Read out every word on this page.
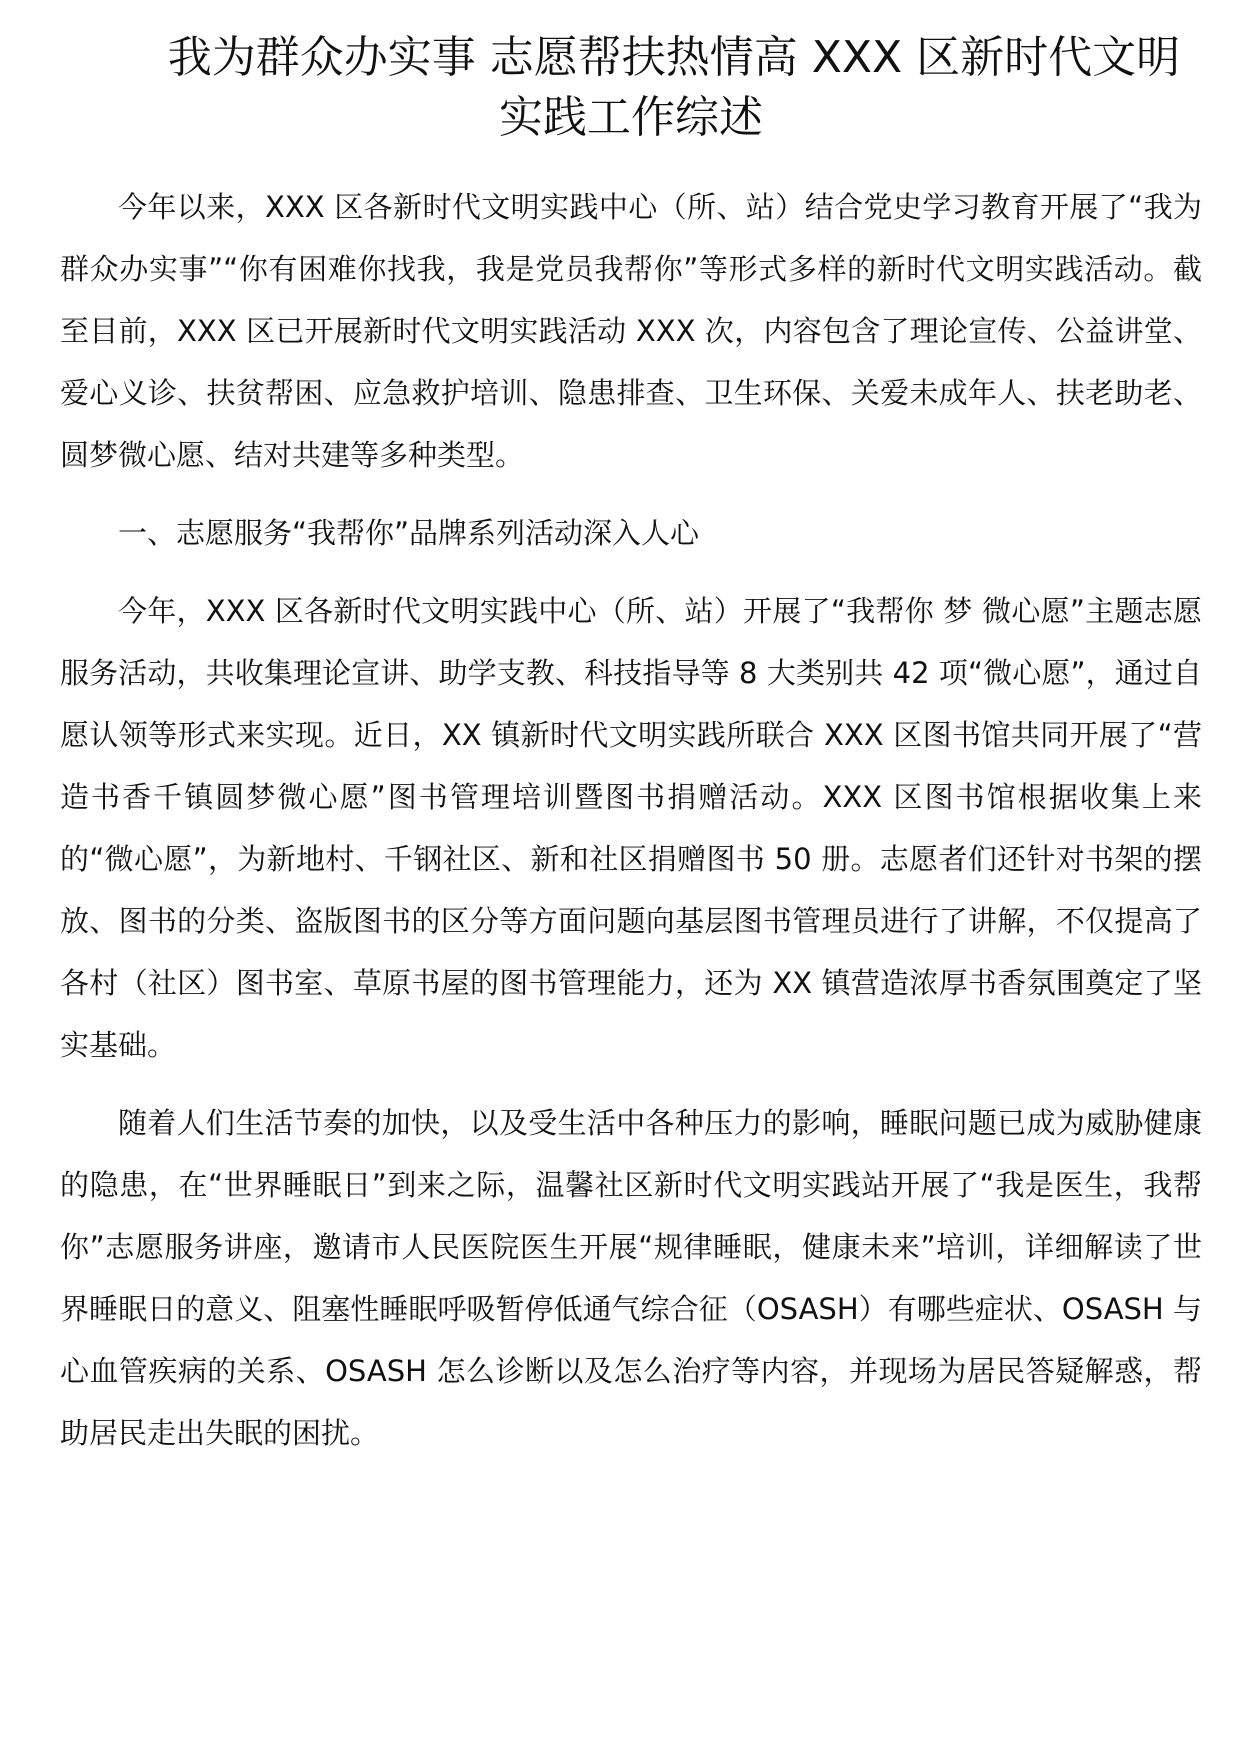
我为群众办实事 志愿帮扶热情高 XXX 区新时代文明
实践工作综述

今年以来，XXX 区各新时代文明实践中心（所、站）结合党史学习教育开展了“我为群众办实事”“你有困难你找我，我是党员我帮你”等形式多样的新时代文明实践活动。截至目前，XXX 区已开展新时代文明实践活动 XXX 次，内容包含了理论宣传、公益讲堂、爱心义诊、扶贫帮困、应急救护培训、隐患排查、卫生环保、关爱未成年人、扶老助老、圆梦微心愿、结对共建等多种类型。

一、志愿服务“我帮你”品牌系列活动深入人心

今年，XXX 区各新时代文明实践中心（所、站）开展了“我帮你 梦 微心愿”主题志愿服务活动，共收集理论宣讲、助学支教、科技指导等 8 大类别共 42 项“微心愿”，通过自愿认领等形式来实现。近日，XX 镇新时代文明实践所联合 XXX 区图书馆共同开展了“营造书香千镇圆梦微心愿”图书管理培训暨图书捐赠活动。XXX 区图书馆根据收集上来的“微心愿”，为新地村、千钢社区、新和社区捐赠图书 50 册。志愿者们还针对书架的摆放、图书的分类、盗版图书的区分等方面问题向基层图书管理员进行了讲解，不仅提高了各村（社区）图书室、草原书屋的图书管理能力，还为 XX 镇营造浓厚书香氛围奠定了坚实基础。

随着人们生活节奏的加快，以及受生活中各种压力的影响，睡眠问题已成为威胁健康的隐患，在“世界睡眠日”到来之际，温馨社区新时代文明实践站开展了“我是医生，我帮你”志愿服务讲座，邀请市人民医院医生开展“规律睡眠，健康未来”培训，详细解读了世界睡眠日的意义、阻塞性睡眠呼吸暂停低通气综合征（OSASH）有哪些症状、OSASH 与心血管疾病的关系、OSASH 怎么诊断以及怎么治疗等内容，并现场为居民答疑解惑，帮助居民走出失眠的困扰。
